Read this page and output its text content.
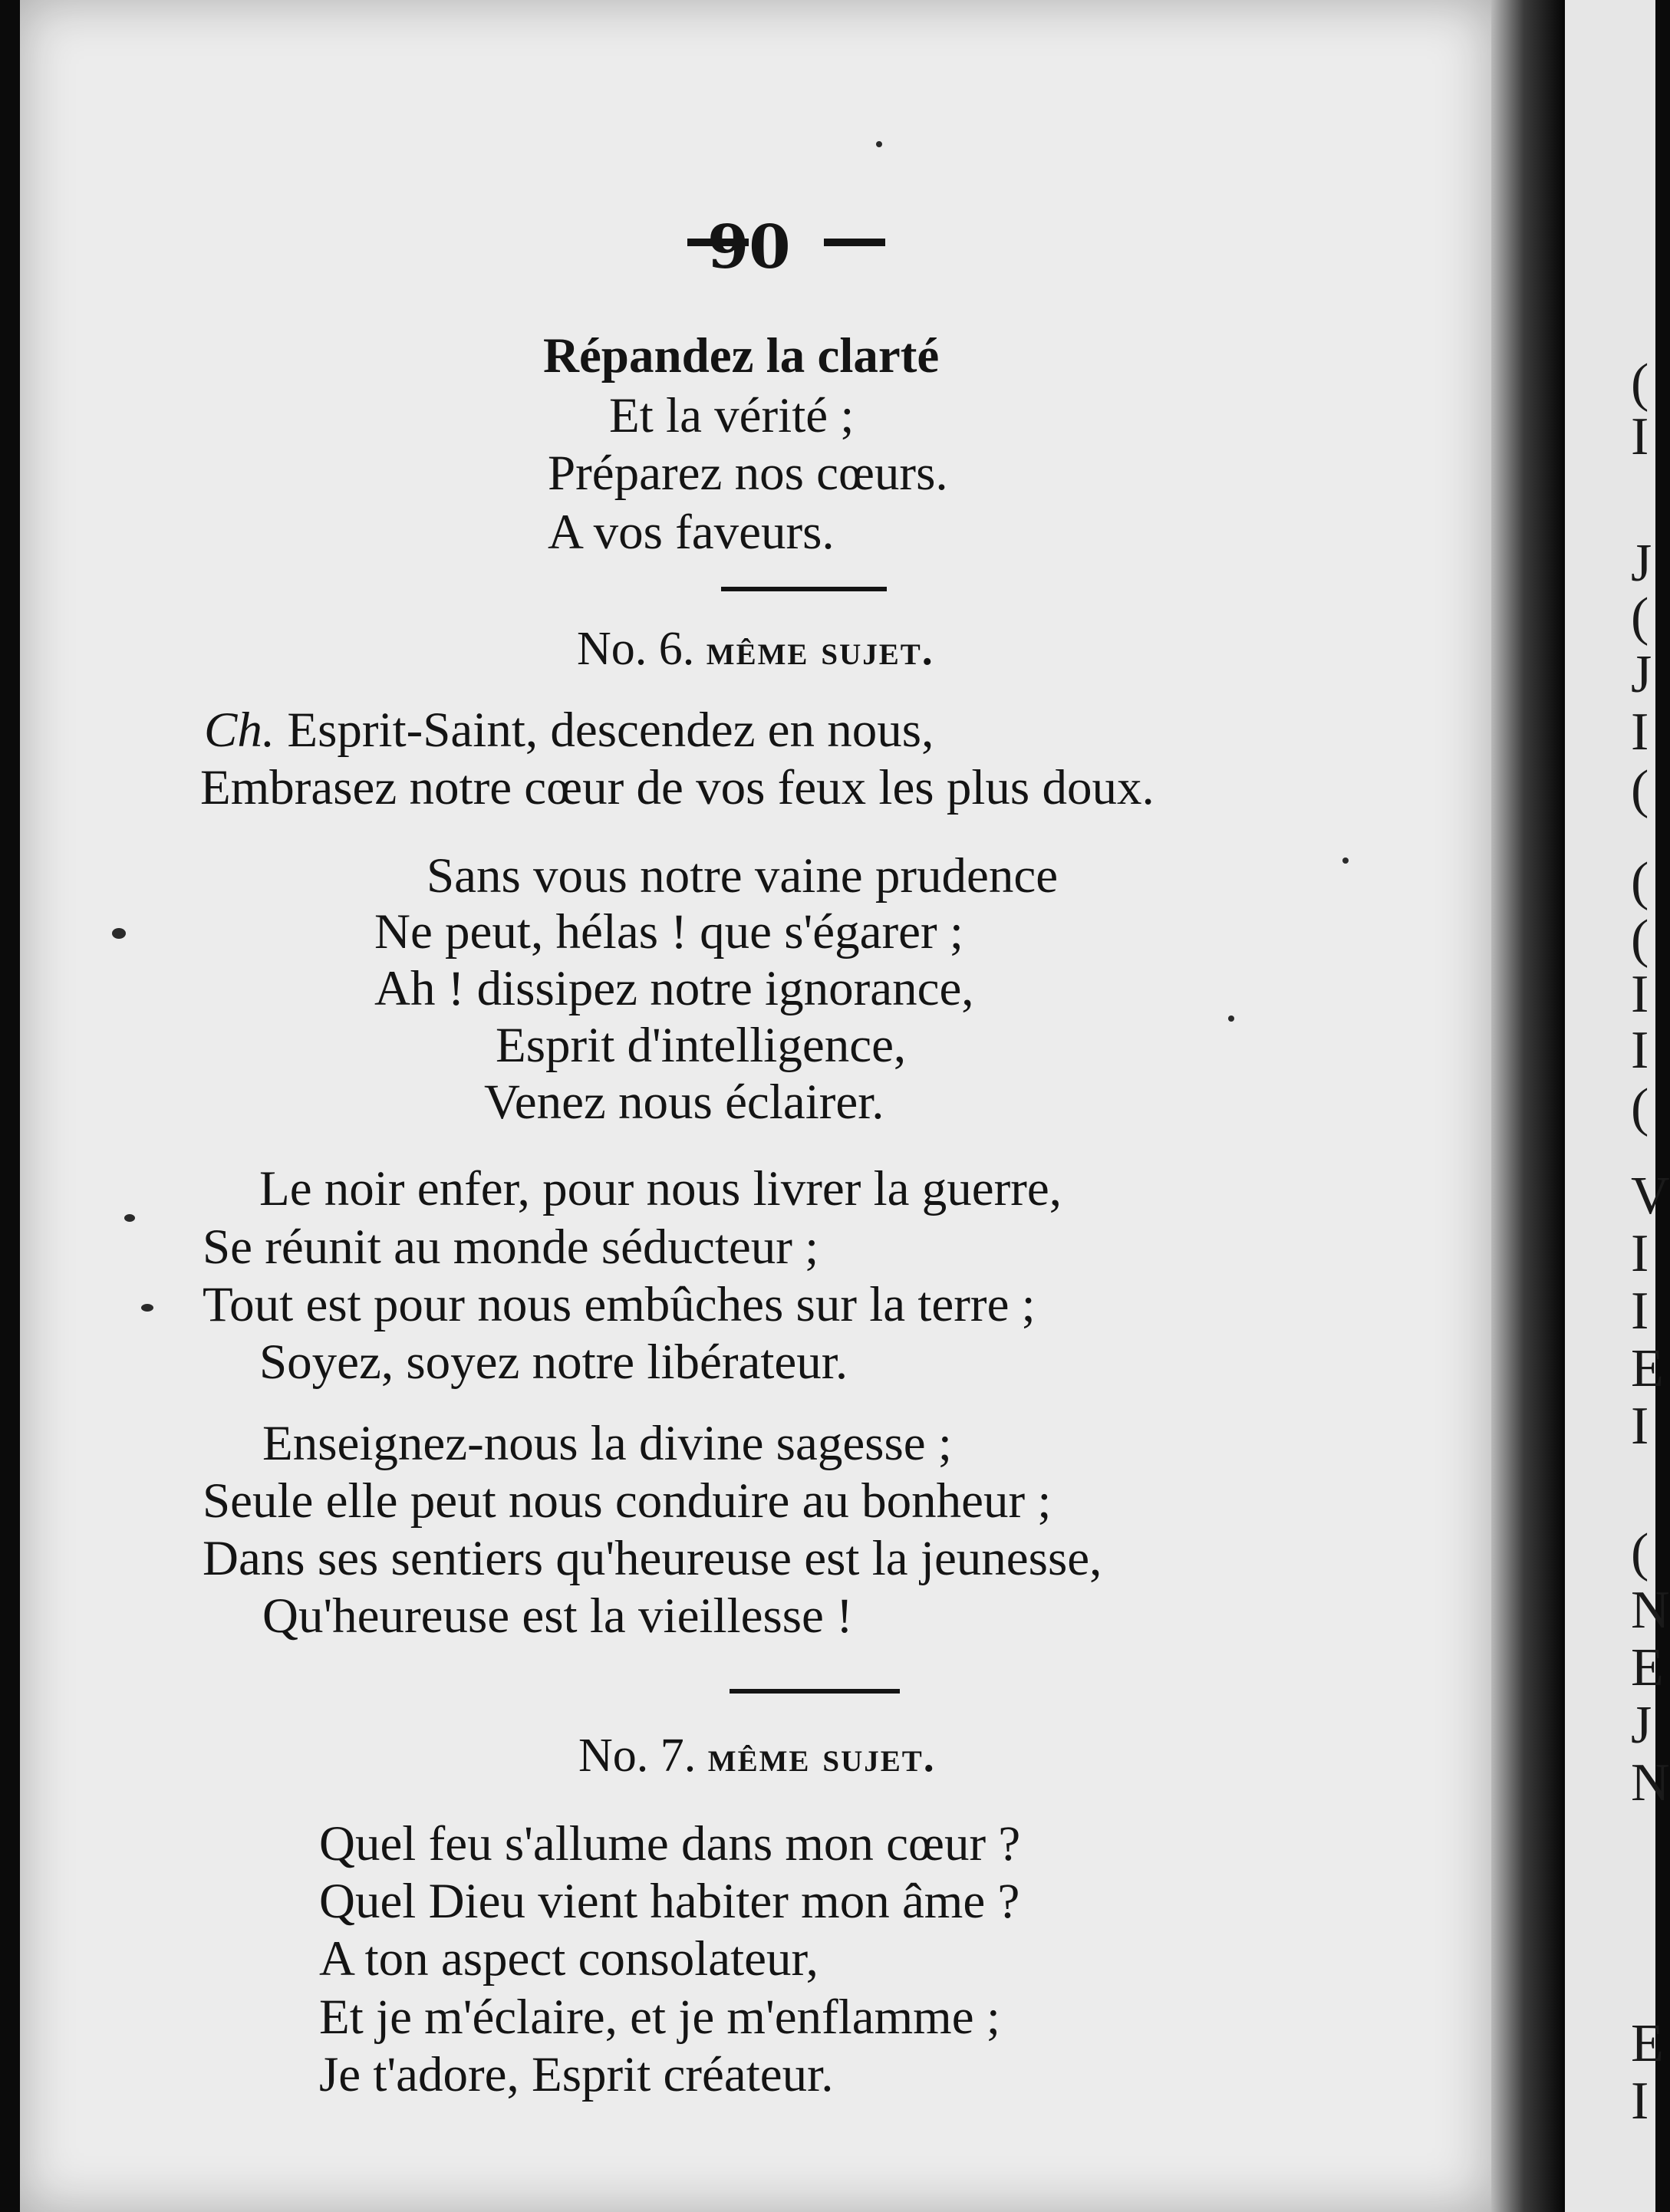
90
Répandez la clarté
Et la vérité ;
Préparez nos cœurs.
A vos faveurs.
No. 6. même sujet.
Ch. Esprit-Saint, descendez en nous,
Embrasez notre cœur de vos feux les plus doux.
Sans vous notre vaine prudence
Ne peut, hélas ! que s'égarer ;
Ah ! dissipez notre ignorance,
Esprit d'intelligence,
Venez nous éclairer.
Le noir enfer, pour nous livrer la guerre,
Se réunit au monde séducteur ;
Tout est pour nous embûches sur la terre ;
Soyez, soyez notre libérateur.
Enseignez-nous la divine sagesse ;
Seule elle peut nous conduire au bonheur ;
Dans ses sentiers qu'heureuse est la jeunesse,
Qu'heureuse est la vieillesse !
No. 7. même sujet.
Quel feu s'allume dans mon cœur ?
Quel Dieu vient habiter mon âme ?
A ton aspect consolateur,
Et je m'éclaire, et je m'enflamme ;
Je t'adore, Esprit créateur.
(
I
J
(
J
I
(
(
(
I
I
(
V
I
I
E
I
(
N
E
J
N
E
I
